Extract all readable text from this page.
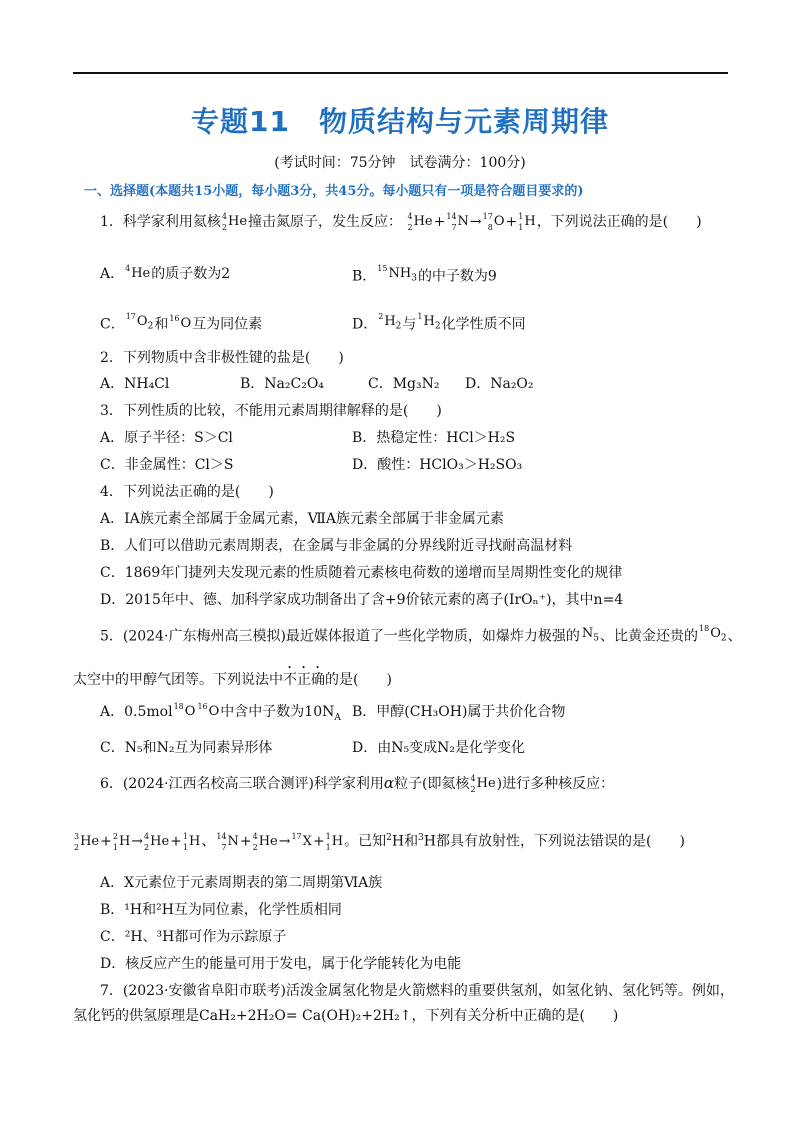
专题11　物质结构与元素周期律
(考试时间：75分钟　试卷满分：100分)
一、选择题(本题共15小题，每小题3分，共45分。每小题只有一项是符合题目要求的)
1．科学家利用氦核 4
2 He 撞击氮原子，发生反应： 4
2 He + 14
7 N → 17
8 O + 1
1 H ，下列说法正确的是(　　)
A． 4 He 的质子数为2	B． 15 $NH_3$ 的中子数为9
C． 17 $O_2$ 和 16 O 互为同位素	D． 2 $H_2$ 与 1 $H_2$ 化学性质不同
2．下列物质中含非极性键的盐是(　　)
A．NH₄Cl	B．Na₂C₂O₄	C．Mg₃N₂ D．Na₂O₂
3．下列性质的比较，不能用元素周期律解释的是(　　)
A．原子半径：S＞Cl	B．热稳定性：HCl＞H₂S
C．非金属性：Cl＞S	D．酸性：HClO₃＞H₂SO₃
4．下列说法正确的是(　　)
A．ⅠA族元素全部属于金属元素，ⅦA族元素全部属于非金属元素
B．人们可以借助元素周期表，在金属与非金属的分界线附近寻找耐高温材料
C．1869年门捷列夫发现元素的性质随着元素核电荷数的递增而呈周期性变化的规律
D．2015年中、德、加科学家成功制备出了含+9价铱元素的离子(IrOₙ⁺)，其中n=4
5．(2024·广东梅州高三模拟)最近媒体报道了一些化学物质，如爆炸力极强的 $N_5$ 、比黄金还贵的 18 $O_2$ 、
太空中的甲醇气团等。下列说法中不正确的是(　　)
A．0.5mol 18 O 16 O 中含中子数为$10N_A$ B．甲醇(CH₃OH)属于共价化合物
C．N₅和N₂互为同素异形体	D．由N₅变成N₂是化学变化
6．(2024·江西名校高三联合测评)科学家利用α粒子(即氦核 4
2 He )进行多种核反应：
3
2 He + 2
1 H → 4
2 He + 1
1 H 、 14
7 N + 4
2 He → 17 X + 1
1 H 。已知$^2$H和$^3$H都具有放射性，下列说法错误的是(　　)
A．X元素位于元素周期表的第二周期第ⅥA族
B．¹H和²H互为同位素，化学性质相同
C．²H、³H都可作为示踪原子
D．核反应产生的能量可用于发电，属于化学能转化为电能
7．(2023·安徽省阜阳市联考)活泼金属氢化物是火箭燃料的重要供氢剂，如氢化钠、氢化钙等。例如，
氢化钙的供氢原理是CaH₂+2H₂O= Ca(OH)₂+2H₂↑，下列有关分析中正确的是(　　)
